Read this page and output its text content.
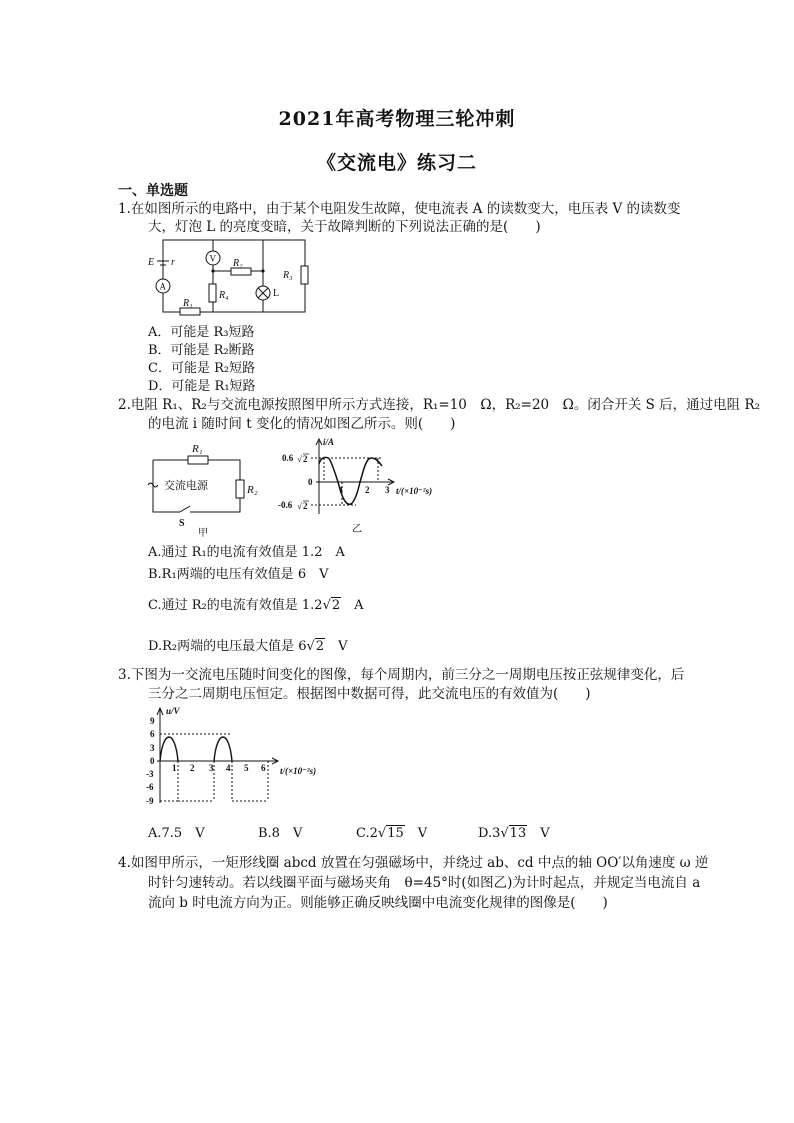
2021年高考物理三轮冲刺
《交流电》练习二
一、单选题
1.在如图所示的电路中，由于某个电阻发生故障，使电流表 A 的读数变大，电压表 V 的读数变
大，灯泡 L 的亮度变暗，关于故障判断的下列说法正确的是(　　)
E r
A
V
R₁
R₂
R₃
R₄	L
A．可能是 R₃短路
B．可能是 R₂断路
C．可能是 R₂短路
D．可能是 R₁短路
2.电阻 R₁、R₂与交流电源按照图甲所示方式连接，R₁=10　Ω，R₂=20　Ω。闭合开关 S 后，通过电阻 R₂
的电流 i 随时间 t 变化的情况如图乙所示。则(　　)
R₁
R₂
交流电源
S
甲
i/A
0.6 √ 2
0
-0.6 √ 2
1 2 3 t/(×10⁻²s)
乙
A.通过 R₁的电流有效值是 1.2　A
B.R₁两端的电压有效值是 6　V
C.通过 R₂的电流有效值是 1.2√2　A
D.R₂两端的电压最大值是 6√2　V
3.下图为一交流电压随时间变化的图像，每个周期内，前三分之一周期电压按正弦规律变化，后
三分之二周期电压恒定。根据图中数据可得，此交流电压的有效值为(　　)
u/V
9
6
3
0
-3
-6
-9
1 2 3 4 5 6 t/(×10⁻²s)
A.7.5　V	B.8　V	C.2√15　V	D.3√13　V
4.如图甲所示，一矩形线圈 abcd 放置在匀强磁场中，并绕过 ab、cd 中点的轴 OO′以角速度 ω 逆
时针匀速转动。若以线圈平面与磁场夹角　θ=45°时(如图乙)为计时起点，并规定当电流自 a
流向 b 时电流方向为正。则能够正确反映线圈中电流变化规律的图像是(　　)
